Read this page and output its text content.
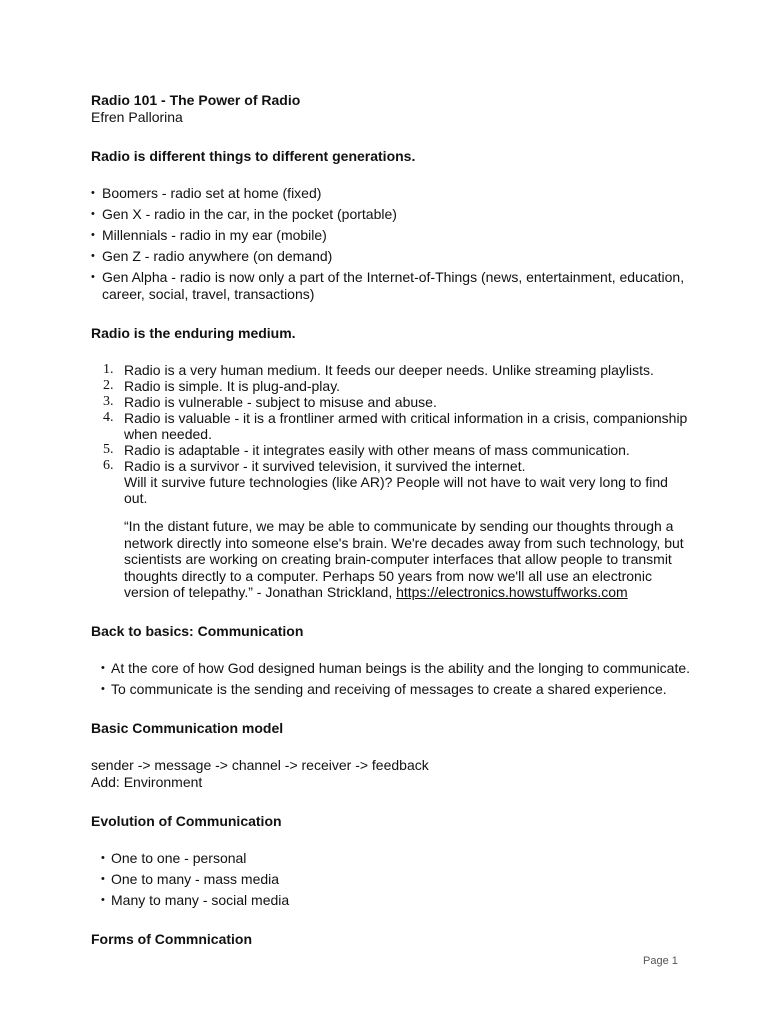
Radio 101 - The Power of Radio

Efren Pallorina

Radio is different things to different generations.

• Boomers - radio set at home (fixed)
• Gen X - radio in the car, in the pocket (portable)
• Millennials - radio in my ear (mobile)
• Gen Z - radio anywhere (on demand)
• Gen Alpha - radio is now only a part of the Internet-of-Things (news, entertainment, education, career, social, travel, transactions)

Radio is the enduring medium.

1. Radio is a very human medium. It feeds our deeper needs. Unlike streaming playlists.
2. Radio is simple. It is plug-and-play.
3. Radio is vulnerable - subject to misuse and abuse.
4. Radio is valuable - it is a frontliner armed with critical information in a crisis, companionship when needed.
5. Radio is adaptable - it integrates easily with other means of mass communication.
6. Radio is a survivor - it survived television, it survived the internet.
Will it survive future technologies (like AR)? People will not have to wait very long to find out.

“In the distant future, we may be able to communicate by sending our thoughts through a network directly into someone else's brain. We're decades away from such technology, but scientists are working on creating brain-computer interfaces that allow people to transmit thoughts directly to a computer. Perhaps 50 years from now we'll all use an electronic version of telepathy.” - Jonathan Strickland, https://electronics.howstuffworks.com

Back to basics: Communication

• At the core of how God designed human beings is the ability and the longing to communicate.
• To communicate is the sending and receiving of messages to create a shared experience.

Basic Communication model

sender -> message -> channel -> receiver -> feedback

Add: Environment

Evolution of Communication

• One to one - personal
• One to many - mass media
• Many to many - social media

Forms of Commnication

Page 1
